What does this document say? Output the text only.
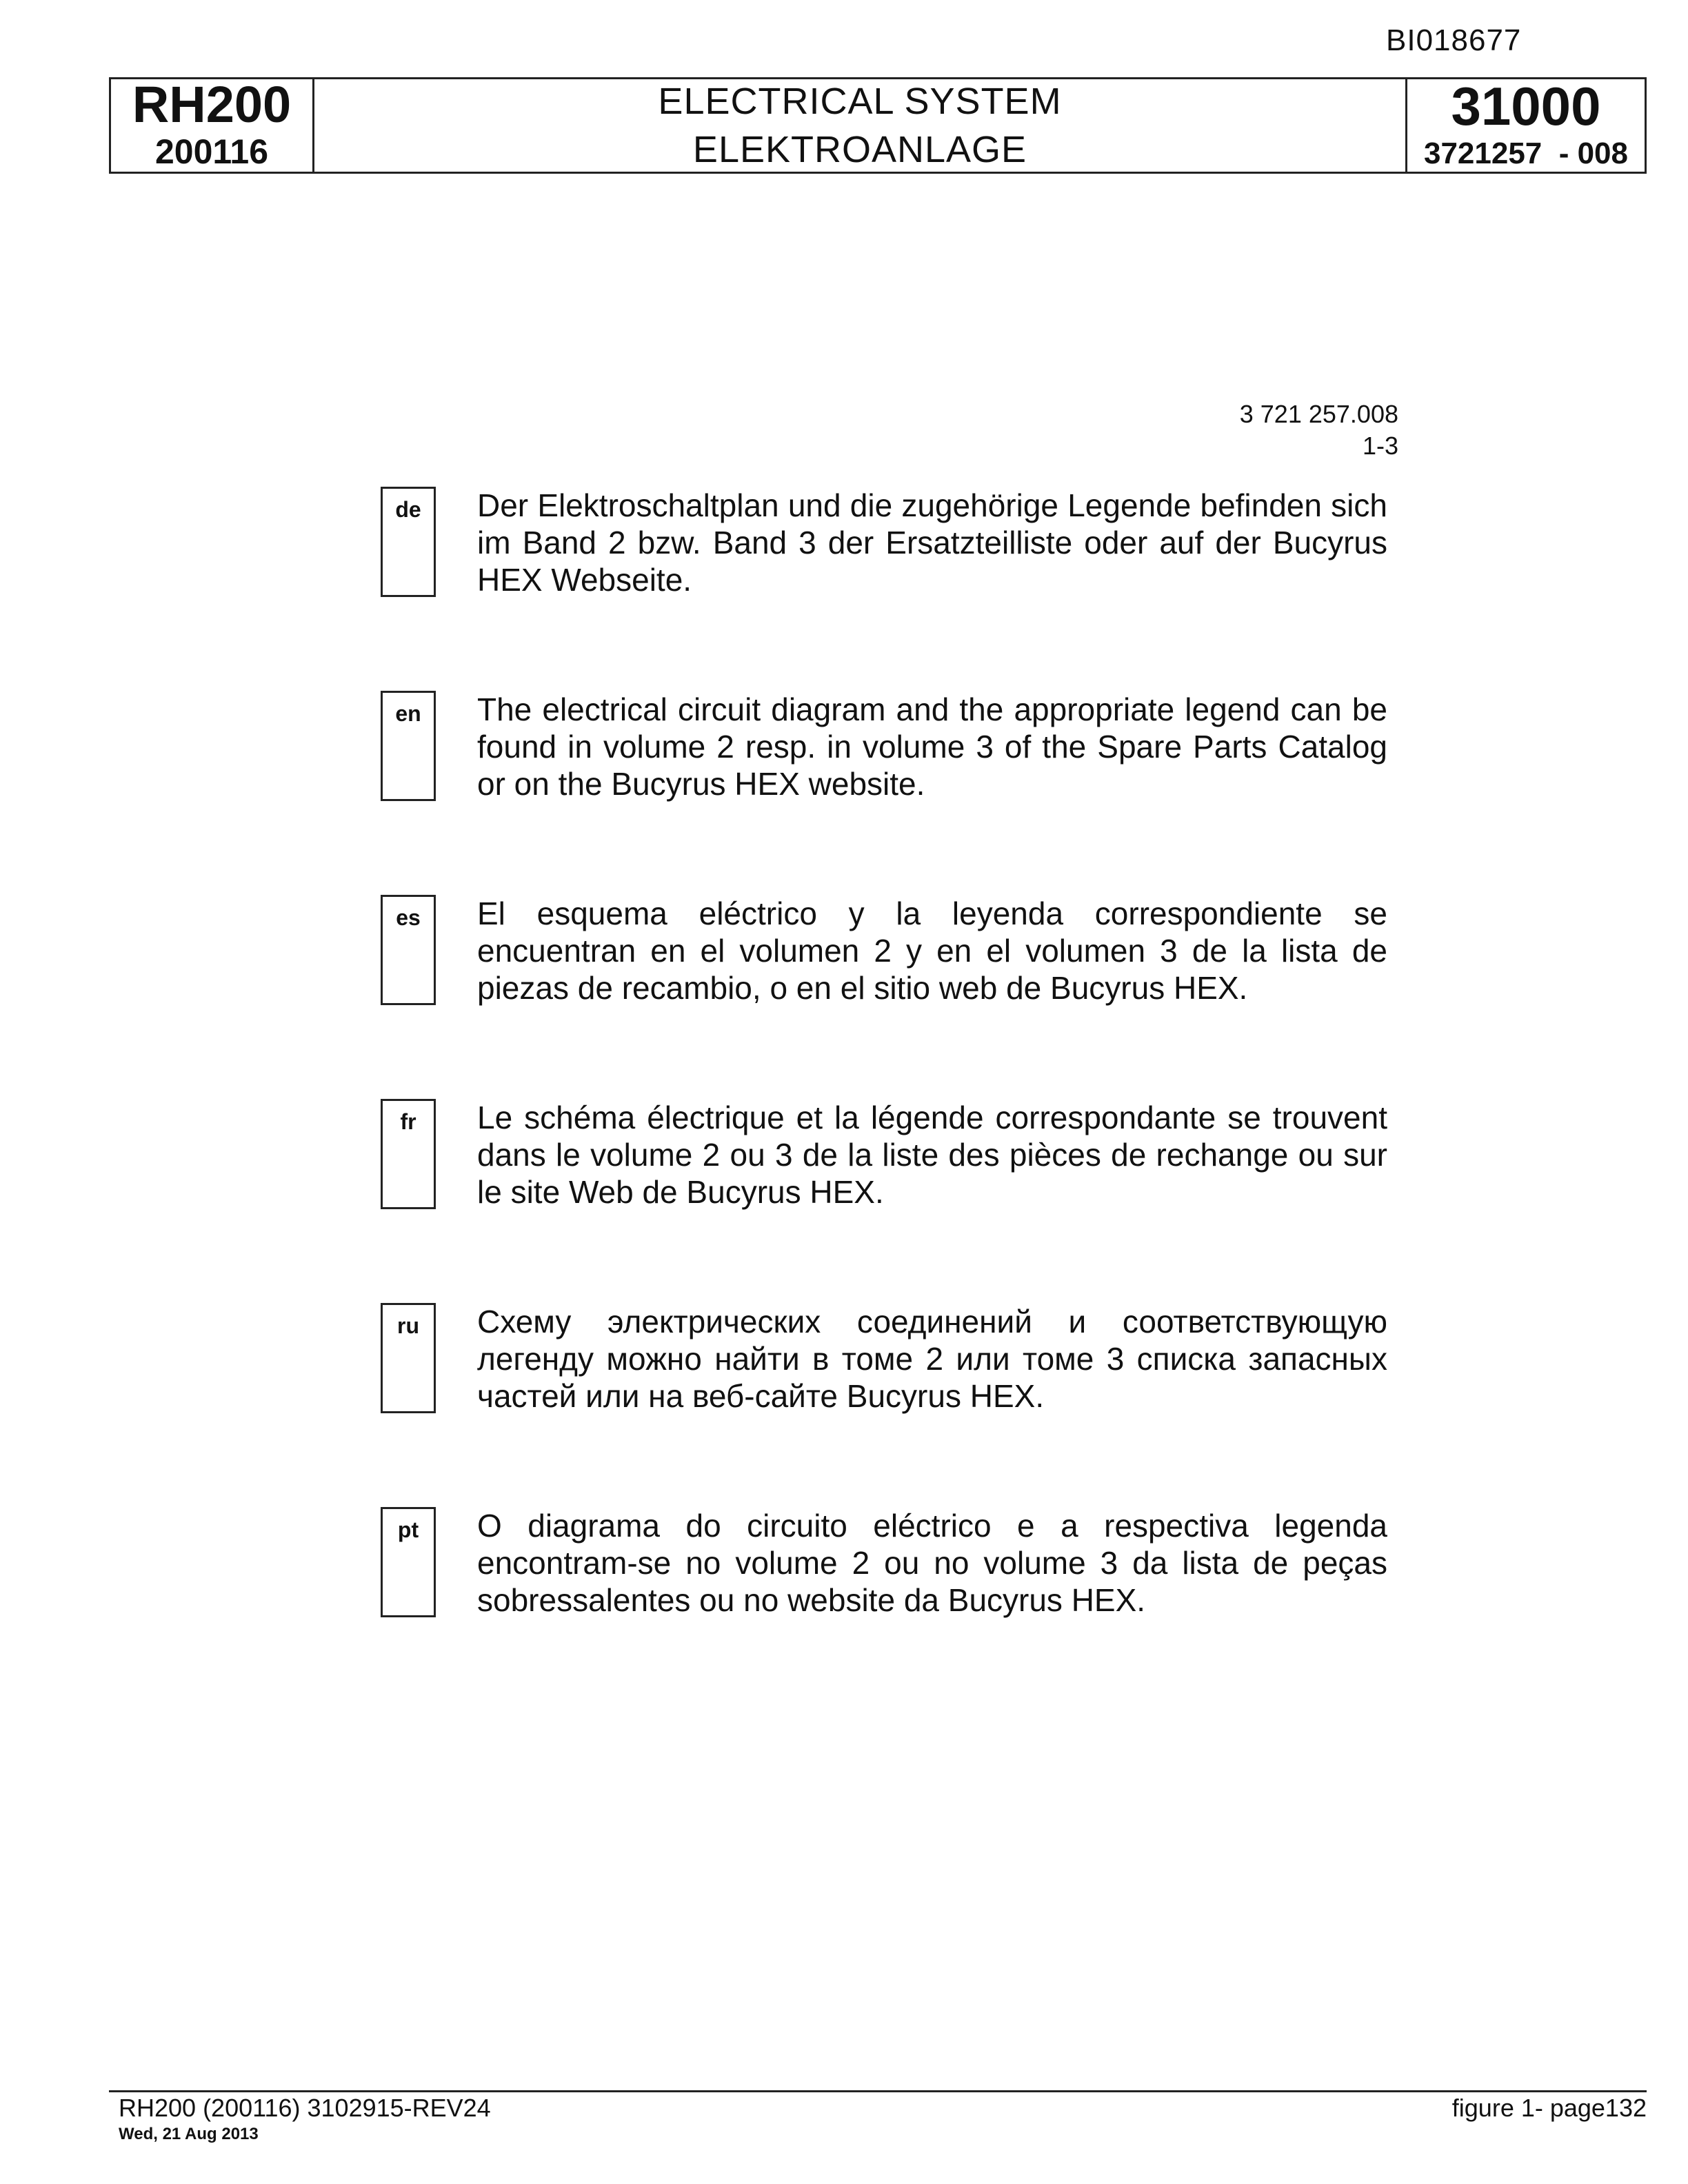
BI018677
RH200
200116
ELECTRICAL SYSTEM
ELEKTROANLAGE
31000
3721257  - 008
3 721 257.008
1-3
de	Der Elektroschaltplan und die zugehörige Legende befinden sich im Band 2 bzw. Band 3 der Ersatzteilliste oder auf der Bucyrus HEX Webseite.
en	The electrical circuit diagram and the appropriate legend can be found in volume 2 resp. in volume 3 of the Spare Parts Catalog or on the Bucyrus HEX website.
es	El esquema eléctrico y la leyenda correspondiente se encuentran en el volumen 2 y en el volumen 3 de la lista de piezas de recambio, o en el sitio web de Bucyrus HEX.
fr	Le schéma électrique et la légende correspondante se trouvent dans le volume 2 ou 3 de la liste des pièces de rechange ou sur le site Web de Bucyrus HEX.
ru	Схему электрических соединений и соответствующую легенду можно найти в томе 2 или томе 3 списка запасных частей или на веб-сайте Bucyrus HEX.
pt	O diagrama do circuito eléctrico e a respectiva legenda encontram-se no volume 2 ou no volume 3 da lista de peças sobressalentes ou no website da Bucyrus HEX.
RH200 (200116) 3102915-REV24
Wed, 21 Aug 2013
figure 1- page132
